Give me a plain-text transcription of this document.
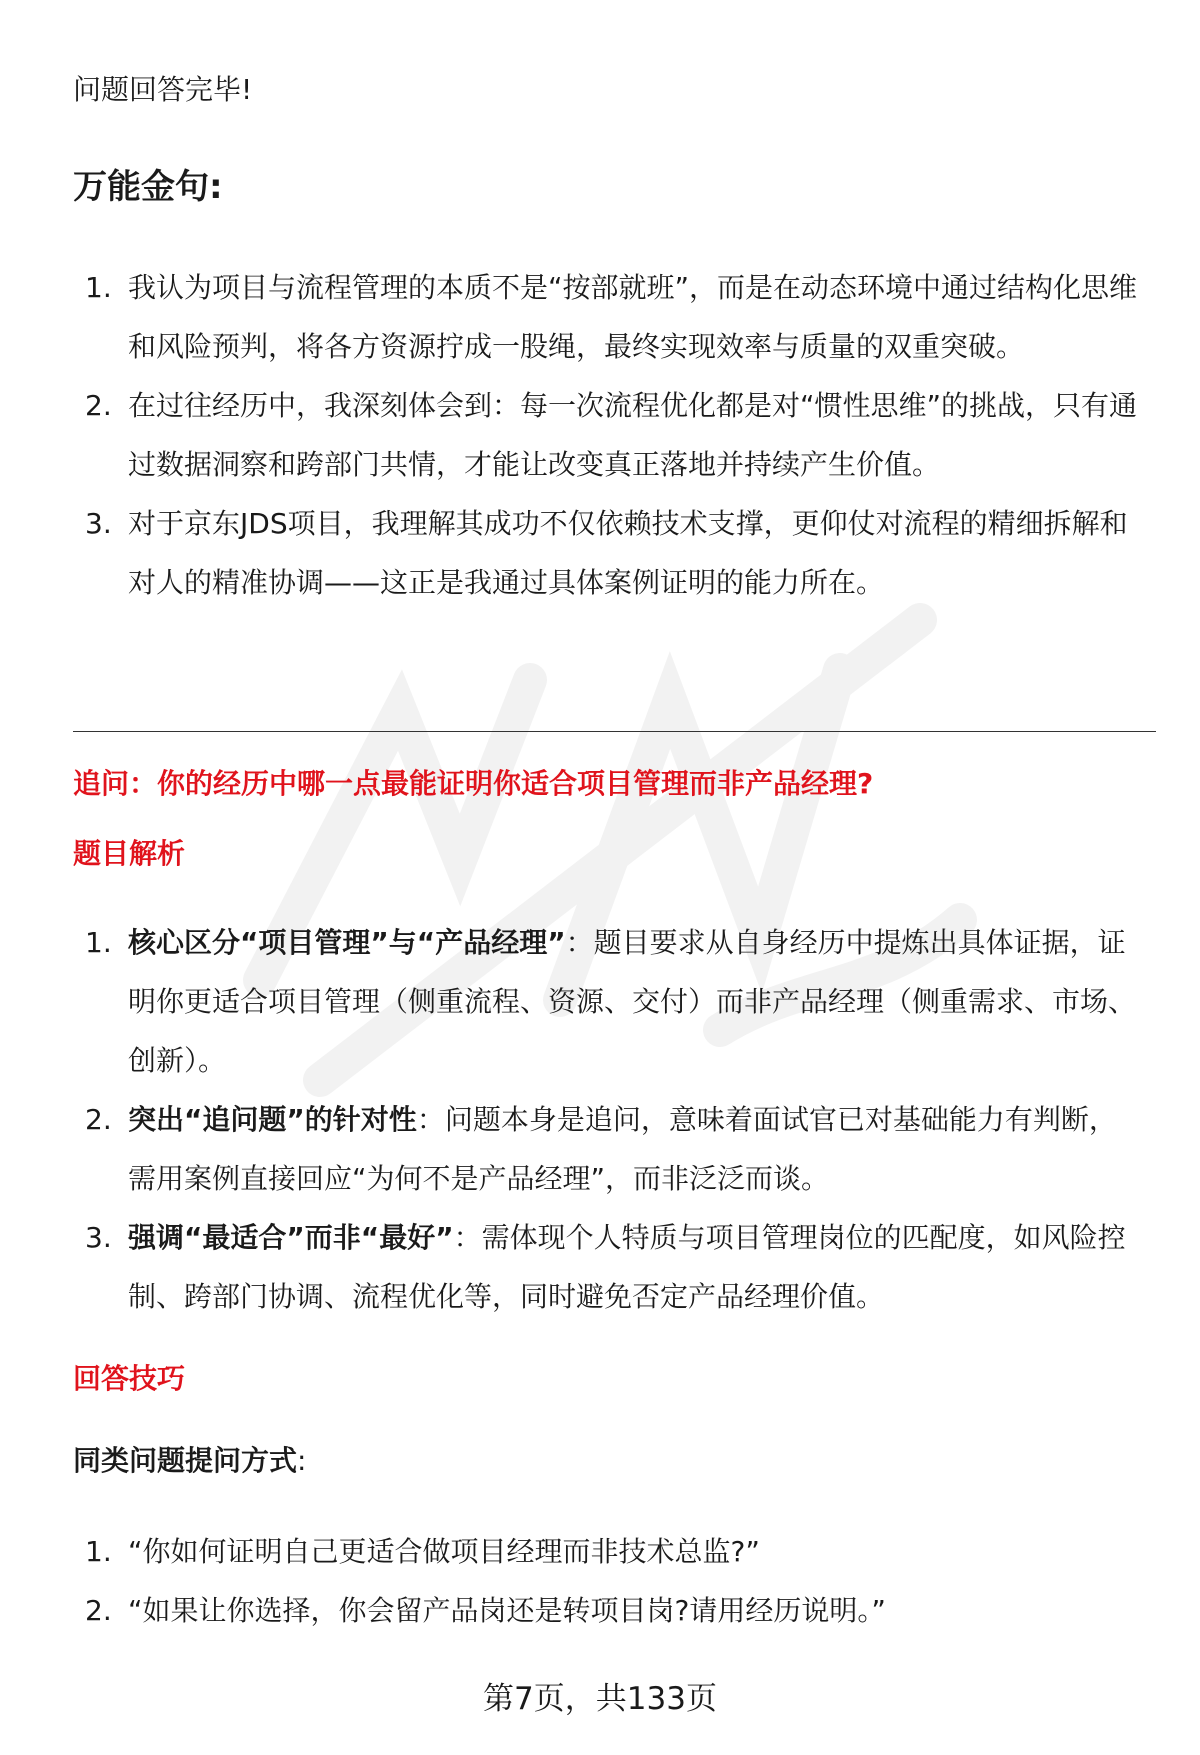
问题回答完毕!
万能金句:
1. 我认为项目与流程管理的本质不是“按部就班”，而是在动态环境中通过结构化思维和风险预判，将各方资源拧成一股绳，最终实现效率与质量的双重突破。
2. 在过往经历中，我深刻体会到：每一次流程优化都是对“惯性思维”的挑战，只有通过数据洞察和跨部门共情，才能让改变真正落地并持续产生价值。
3. 对于京东JDS项目，我理解其成功不仅依赖技术支撑，更仰仗对流程的精细拆解和对人的精准协调——这正是我通过具体案例证明的能力所在。
追问：你的经历中哪一点最能证明你适合项目管理而非产品经理?
题目解析
1. 核心区分“项目管理”与“产品经理”：题目要求从自身经历中提炼出具体证据，证明你更适合项目管理（侧重流程、资源、交付）而非产品经理（侧重需求、市场、创新）。
2. 突出“追问题”的针对性：问题本身是追问，意味着面试官已对基础能力有判断，需用案例直接回应“为何不是产品经理”，而非泛泛而谈。
3. 强调“最适合”而非“最好”：需体现个人特质与项目管理岗位的匹配度，如风险控制、跨部门协调、流程优化等，同时避免否定产品经理价值。
回答技巧
同类问题提问方式:
1. “你如何证明自己更适合做项目经理而非技术总监?”
2. “如果让你选择，你会留产品岗还是转项目岗?请用经历说明。”
第7页，共133页
